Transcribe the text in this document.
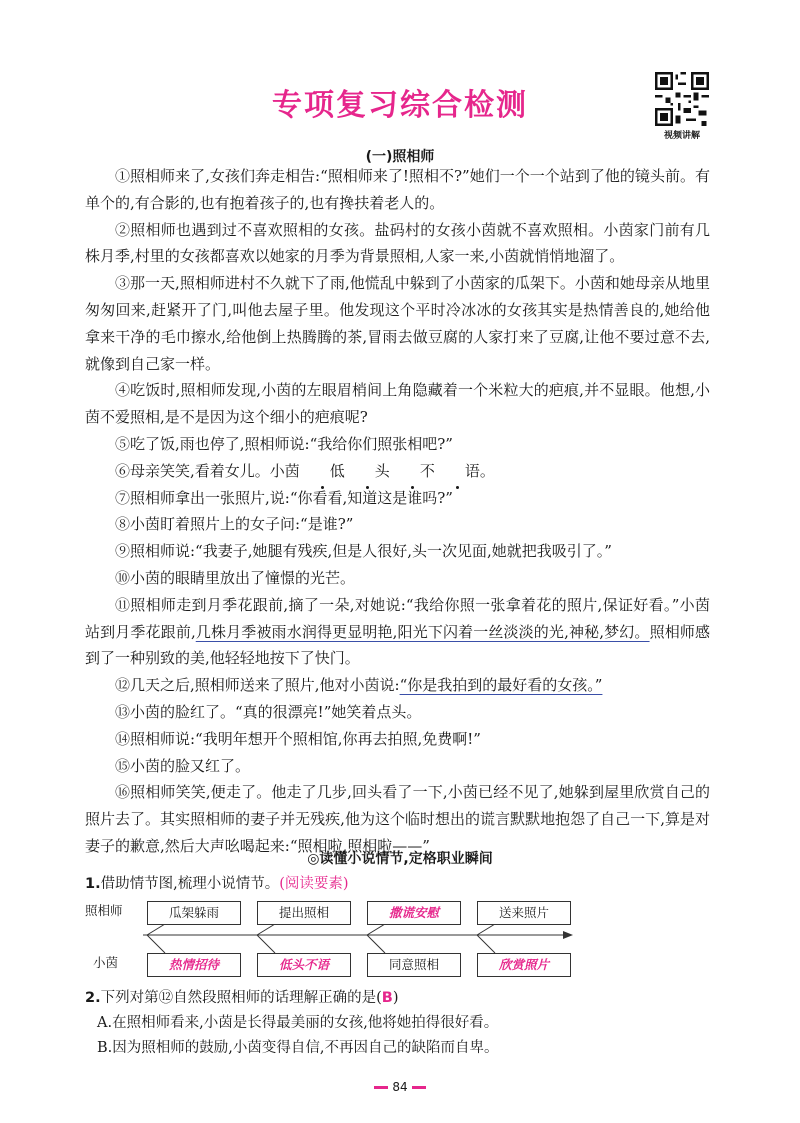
专项复习综合检测
视频讲解
(一)照相师

①照相师来了,女孩们奔走相告:“照相师来了!照相不?”她们一个一个站到了他的镜头前。有单个的,有合影的,也有抱着孩子的,也有搀扶着老人的。

②照相师也遇到过不喜欢照相的女孩。盐码村的女孩小茵就不喜欢照相。小茵家门前有几株月季,村里的女孩都喜欢以她家的月季为背景照相,人家一来,小茵就悄悄地溜了。

③那一天,照相师进村不久就下了雨,他慌乱中躲到了小茵家的瓜架下。小茵和她母亲从地里匆匆回来,赶紧开了门,叫他去屋子里。他发现这个平时冷冰冰的女孩其实是热情善良的,她给他拿来干净的毛巾擦水,给他倒上热腾腾的茶,冒雨去做豆腐的人家打来了豆腐,让他不要过意不去,就像到自己家一样。

④吃饭时,照相师发现,小茵的左眼眉梢间上角隐藏着一个米粒大的疤痕,并不显眼。他想,小茵不爱照相,是不是因为这个细小的疤痕呢?

⑤吃了饭,雨也停了,照相师说:“我给你们照张相吧?”

⑥母亲笑笑,看着女儿。小茵 低 头 不 语。

⑦照相师拿出一张照片,说:“你看看,知道这是谁吗?”

⑧小茵盯着照片上的女子问:“是谁?”

⑨照相师说:“我妻子,她腿有残疾,但是人很好,头一次见面,她就把我吸引了。”

⑩小茵的眼睛里放出了憧憬的光芒。

⑪照相师走到月季花跟前,摘了一朵,对她说:“我给你照一张拿着花的照片,保证好看。”小茵站到月季花跟前,几株月季被雨水润得更显明艳,阳光下闪着一丝淡淡的光,神秘,梦幻。照相师感到了一种别致的美,他轻轻地按下了快门。

⑫几天之后,照相师送来了照片,他对小茵说:“你是我拍到的最好看的女孩。”

⑬小茵的脸红了。“真的很漂亮!”她笑着点头。

⑭照相师说:“我明年想开个照相馆,你再去拍照,免费啊!”

⑮小茵的脸又红了。

⑯照相师笑笑,便走了。他走了几步,回头看了一下,小茵已经不见了,她躲到屋里欣赏自己的照片去了。其实照相师的妻子并无残疾,他为这个临时想出的谎言默默地抱怨了自己一下,算是对妻子的歉意,然后大声吆喝起来:“照相啦,照相啦——”

◎读懂小说情节,定格职业瞬间
1.借助情节图,梳理小说情节。(阅读要素)
照相师
小茵
瓜架躲雨	提出照相	撒谎安慰	送来照片
热情招待	低头不语	同意照相	欣赏照片
2.下列对第⑫自然段照相师的话理解正确的是(B)
A.在照相师看来,小茵是长得最美丽的女孩,他将她拍得很好看。
B.因为照相师的鼓励,小茵变得自信,不再因自己的缺陷而自卑。
84
